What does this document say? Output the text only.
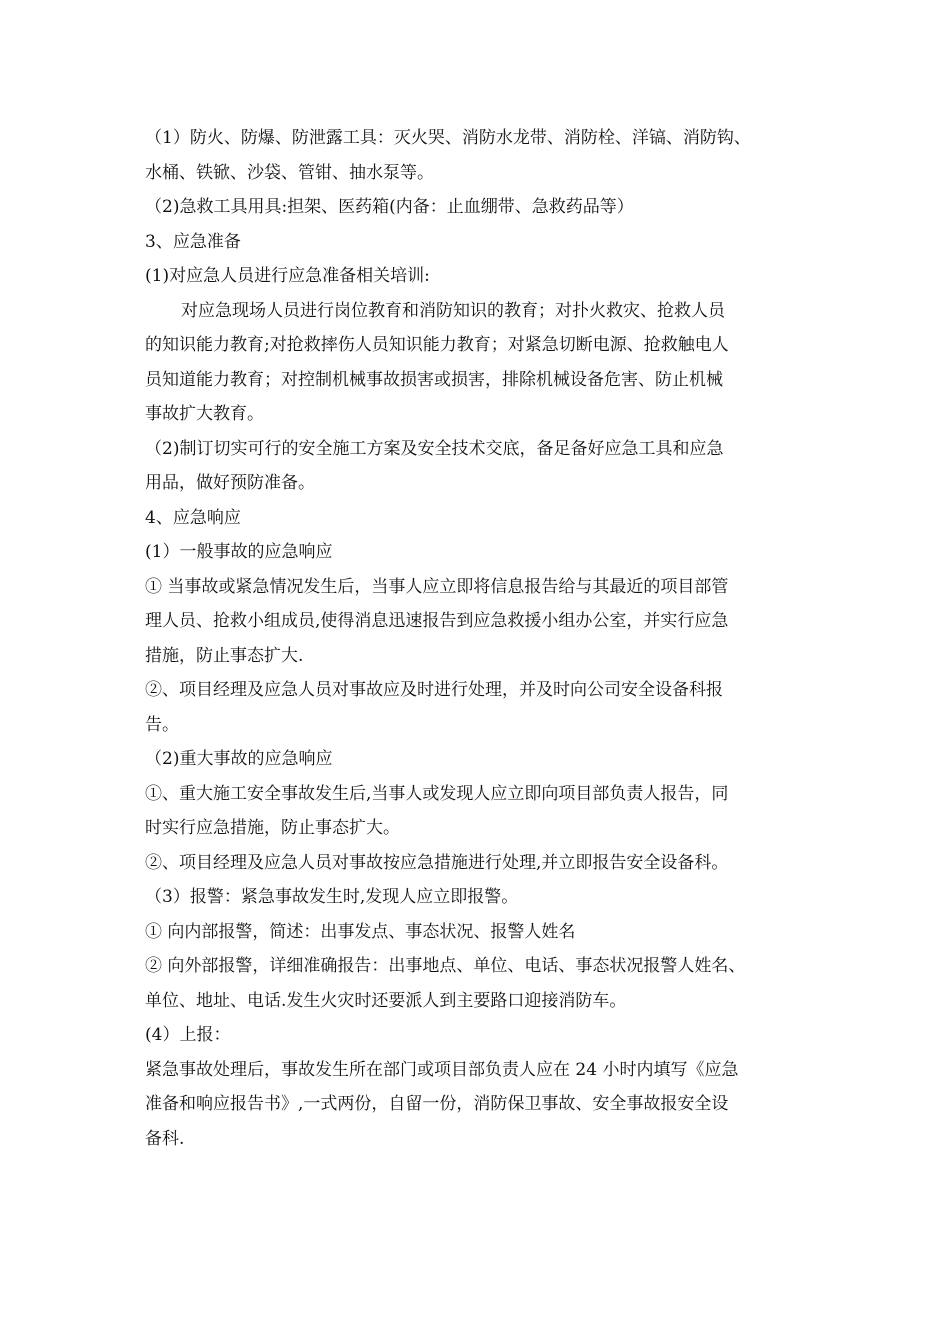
（1）防火、防爆、防泄露工具：灭火哭、消防水龙带、消防栓、洋镐、消防钩、
水桶、铁锨、沙袋、管钳、抽水泵等。
（2)急救工具用具:担架、医药箱(内备：止血绷带、急救药品等）
3、应急准备
(1)对应急人员进行应急准备相关培训:
对应急现场人员进行岗位教育和消防知识的教育；对扑火救灾、抢救人员
的知识能力教育;对抢救摔伤人员知识能力教育；对紧急切断电源、抢救触电人
员知道能力教育；对控制机械事故损害或损害，排除机械设备危害、防止机械
事故扩大教育。
（2)制订切实可行的安全施工方案及安全技术交底，备足备好应急工具和应急
用品，做好预防准备。
4、应急响应
(1）一般事故的应急响应
① 当事故或紧急情况发生后，当事人应立即将信息报告给与其最近的项目部管
理人员、抢救小组成员,使得消息迅速报告到应急救援小组办公室，并实行应急
措施，防止事态扩大.
②、项目经理及应急人员对事故应及时进行处理，并及时向公司安全设备科报
告。
（2)重大事故的应急响应
①、重大施工安全事故发生后,当事人或发现人应立即向项目部负责人报告，同
时实行应急措施，防止事态扩大。
②、项目经理及应急人员对事故按应急措施进行处理,并立即报告安全设备科。
（3）报警：紧急事故发生时,发现人应立即报警。
① 向内部报警，简述：出事发点、事态状况、报警人姓名
② 向外部报警，详细准确报告：出事地点、单位、电话、事态状况报警人姓名、
单位、地址、电话.发生火灾时还要派人到主要路口迎接消防车。
(4）上报：
紧急事故处理后，事故发生所在部门或项目部负责人应在 24 小时内填写《应急
准备和响应报告书》,一式两份，自留一份，消防保卫事故、安全事故报安全设
备科.
